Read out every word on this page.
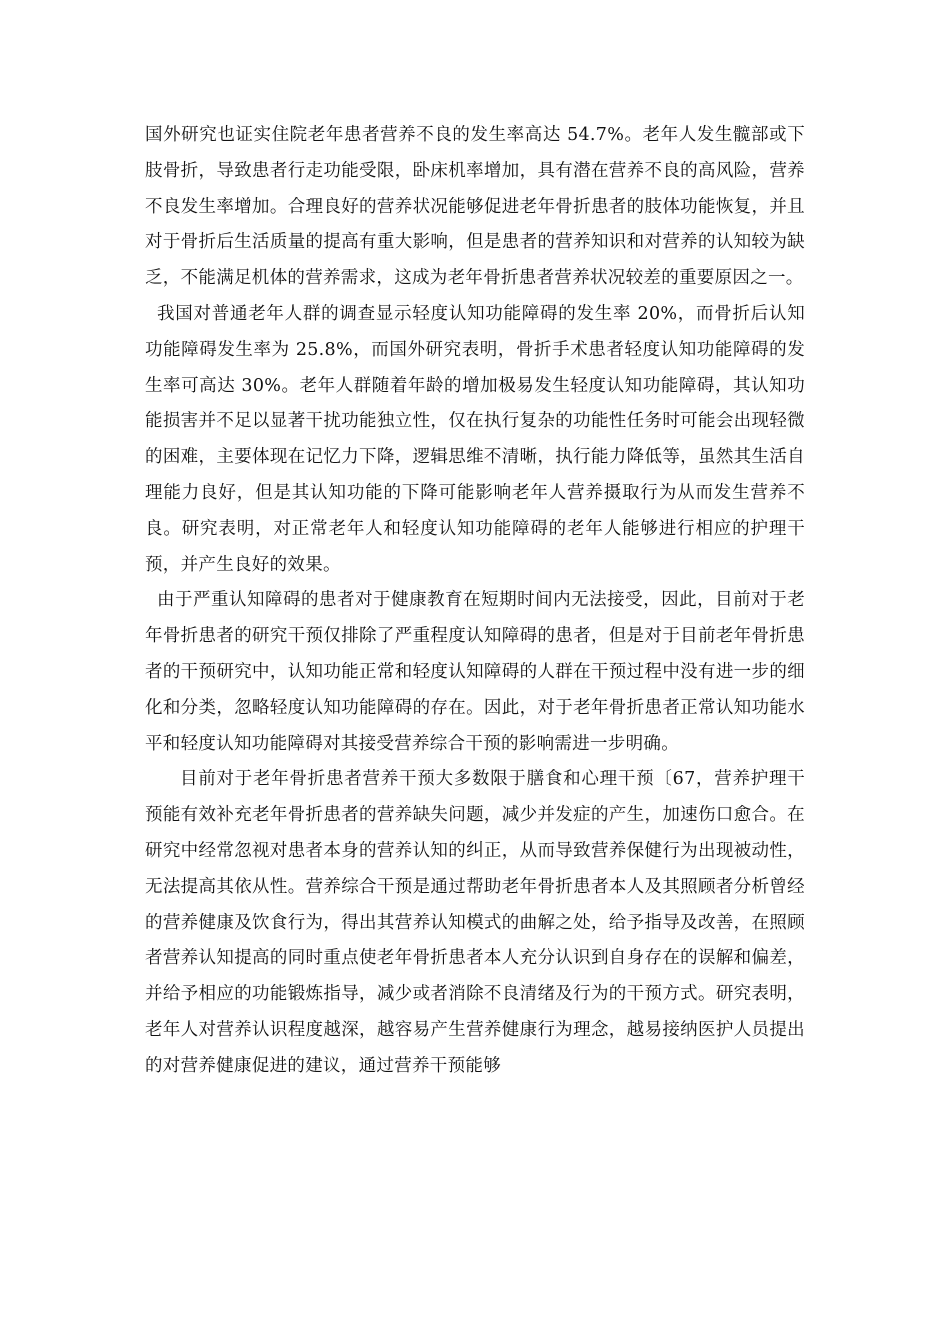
国外研究也证实住院老年患者营养不良的发生率高达 54.7%。老年人发生髋部或下肢骨折，导致患者行走功能受限，卧床机率增加，具有潜在营养不良的高风险，营养不良发生率增加。合理良好的营养状况能够促进老年骨折患者的肢体功能恢复，并且对于骨折后生活质量的提高有重大影响，但是患者的营养知识和对营养的认知较为缺乏，不能满足机体的营养需求，这成为老年骨折患者营养状况较差的重要原因之一。

我国对普通老年人群的调查显示轻度认知功能障碍的发生率 20%，而骨折后认知功能障碍发生率为 25.8%，而国外研究表明，骨折手术患者轻度认知功能障碍的发生率可高达 30%。老年人群随着年龄的增加极易发生轻度认知功能障碍，其认知功能损害并不足以显著干扰功能独立性，仅在执行复杂的功能性任务时可能会出现轻微的困难，主要体现在记忆力下降，逻辑思维不清晰，执行能力降低等，虽然其生活自理能力良好，但是其认知功能的下降可能影响老年人营养摄取行为从而发生营养不良。研究表明，对正常老年人和轻度认知功能障碍的老年人能够进行相应的护理干预，并产生良好的效果。

由于严重认知障碍的患者对于健康教育在短期时间内无法接受，因此，目前对于老年骨折患者的研究干预仅排除了严重程度认知障碍的患者，但是对于目前老年骨折患者的干预研究中，认知功能正常和轻度认知障碍的人群在干预过程中没有进一步的细化和分类，忽略轻度认知功能障碍的存在。因此，对于老年骨折患者正常认知功能水平和轻度认知功能障碍对其接受营养综合干预的影响需进一步明确。

目前对于老年骨折患者营养干预大多数限于膳食和心理干预〔67，营养护理干预能有效补充老年骨折患者的营养缺失问题，减少并发症的产生，加速伤口愈合。在研究中经常忽视对患者本身的营养认知的纠正，从而导致营养保健行为出现被动性，无法提高其依从性。营养综合干预是通过帮助老年骨折患者本人及其照顾者分析曾经的营养健康及饮食行为，得出其营养认知模式的曲解之处，给予指导及改善，在照顾者营养认知提高的同时重点使老年骨折患者本人充分认识到自身存在的误解和偏差，并给予相应的功能锻炼指导，减少或者消除不良清绪及行为的干预方式。研究表明，老年人对营养认识程度越深，越容易产生营养健康行为理念，越易接纳医护人员提出的对营养健康促进的建议，通过营养干预能够
